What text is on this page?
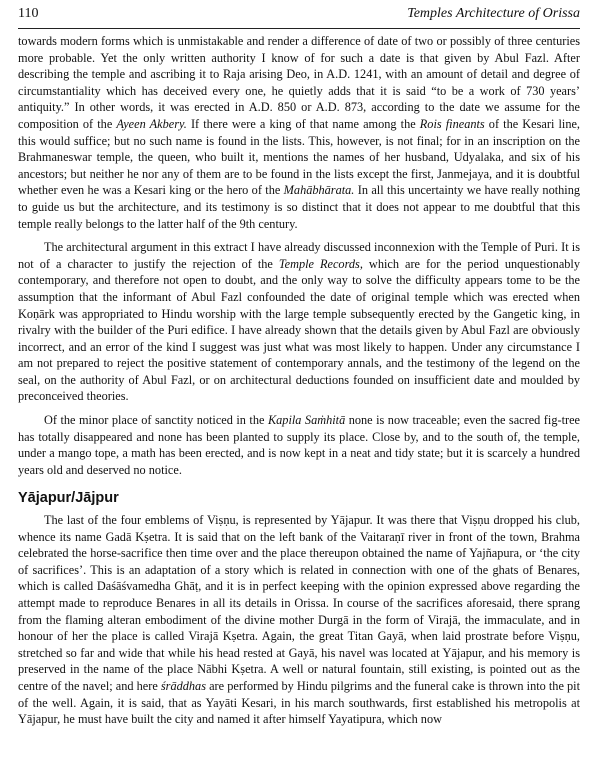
110	Temples Architecture of Orissa

towards modern forms which is unmistakable and render a difference of date of two or possibly of three centuries more probable. Yet the only written authority I know of for such a date is that given by Abul Fazl. After describing the temple and ascribing it to Raja arising Deo, in A.D. 1241, with an amount of detail and degree of circumstantiality which has deceived every one, he quietly adds that it is said “to be a work of 730 years’ antiquity.” In other words, it was erected in A.D. 850 or A.D. 873, according to the date we assume for the composition of the Ayeen Akbery. If there were a king of that name among the Rois fineants of the Kesari line, this would suffice; but no such name is found in the lists. This, however, is not final; for in an inscription on the Brahmaneswar temple, the queen, who built it, mentions the names of her husband, Udyalaka, and six of his ancestors; but neither he nor any of them are to be found in the lists except the first, Janmejaya, and it is doubtful whether even he was a Kesari king or the hero of the Mahābhārata. In all this uncertainty we have really nothing to guide us but the architecture, and its testimony is so distinct that it does not appear to me doubtful that this temple really belongs to the latter half of the 9th century.

The architectural argument in this extract I have already discussed inconnexion with the Temple of Puri. It is not of a character to justify the rejection of the Temple Records, which are for the period unquestionably contemporary, and therefore not open to doubt, and the only way to solve the difficulty appears tome to be the assumption that the informant of Abul Fazl confounded the date of original temple which was erected when Koṇārk was appropriated to Hindu worship with the large temple subsequently erected by the Gangetic king, in rivalry with the builder of the Puri edifice. I have already shown that the details given by Abul Fazl are obviously incorrect, and an error of the kind I suggest was just what was most likely to happen. Under any circumstance I am not prepared to reject the positive statement of contemporary annals, and the testimony of the legend on the seal, on the authority of Abul Fazl, or on architectural deductions founded on insufficient date and moulded by preconceived theories.

Of the minor place of sanctity noticed in the Kapila Saṁhitā none is now traceable; even the sacred fig-tree has totally disappeared and none has been planted to supply its place. Close by, and to the south of, the temple, under a mango tope, a math has been erected, and is now kept in a neat and tidy state; but it is scarcely a hundred years old and deserved no notice.

Yājapur/Jājpur

The last of the four emblems of Viṣṇu, is represented by Yājapur. It was there that Viṣṇu dropped his club, whence its name Gadā Kṣetra. It is said that on the left bank of the Vaitaraṇī river in front of the town, Brahma celebrated the horse-sacrifice then time over and the place thereupon obtained the name of Yajñapura, or ‘the city of sacrifices’. This is an adaptation of a story which is related in connection with one of the ghats of Benares, which is called Daśāśvamedha Ghāṭ, and it is in perfect keeping with the opinion expressed above regarding the attempt made to reproduce Benares in all its details in Orissa. In course of the sacrifices aforesaid, there sprang from the flaming alteran embodiment of the divine mother Durgā in the form of Virajā, the immaculate, and in honour of her the place is called Virajā Kṣetra. Again, the great Titan Gayā, when laid prostrate before Viṣṇu, stretched so far and wide that while his head rested at Gayā, his navel was located at Yājapur, and his memory is preserved in the name of the place Nābhi Kṣetra. A well or natural fountain, still existing, is pointed out as the centre of the navel; and here śrāddhas are performed by Hindu pilgrims and the funeral cake is thrown into the pit of the well. Again, it is said, that as Yayāti Kesari, in his march southwards, first established his metropolis at Yājapur, he must have built the city and named it after himself Yayatipura, which now
